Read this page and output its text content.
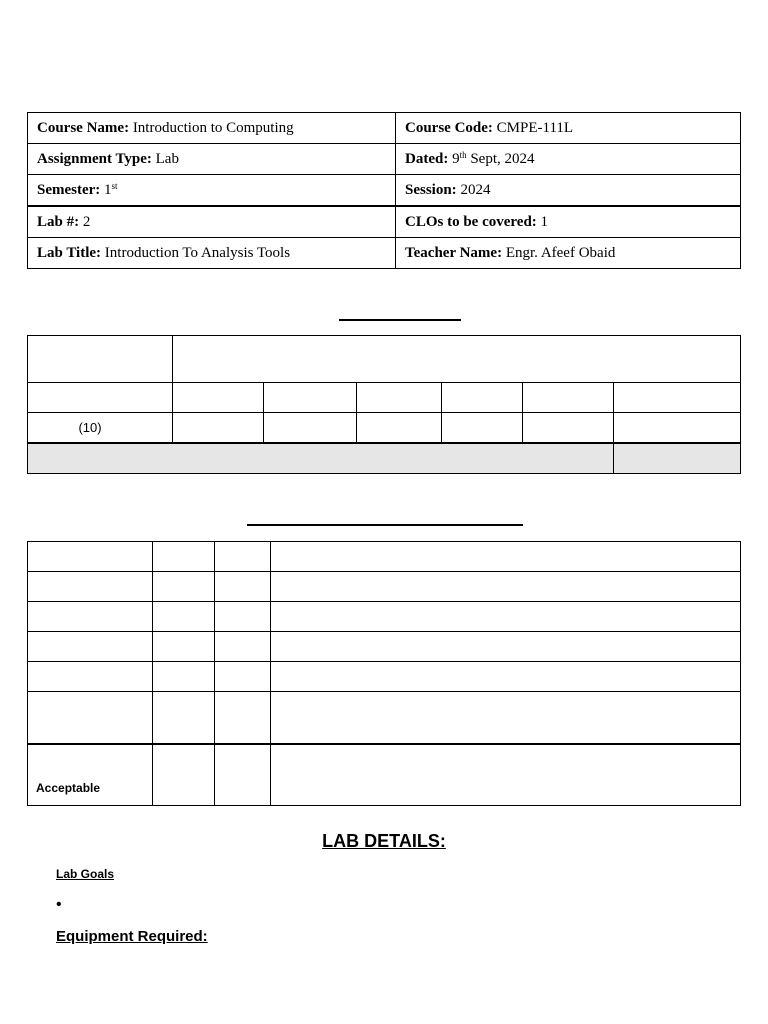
Course Name: Introduction to Computing	Course Code: CMPE-111L
Assignment Type: Lab	Dated: 9th Sept, 2024
Semester: 1st	Session: 2024
Lab #: 2	CLOs to be covered: 1
Lab Title: Introduction To Analysis Tools	Teacher Name: Engr. Afeef Obaid

(10)						

Acceptable			
LAB DETAILS:
Lab Goals
•
Equipment Required:
